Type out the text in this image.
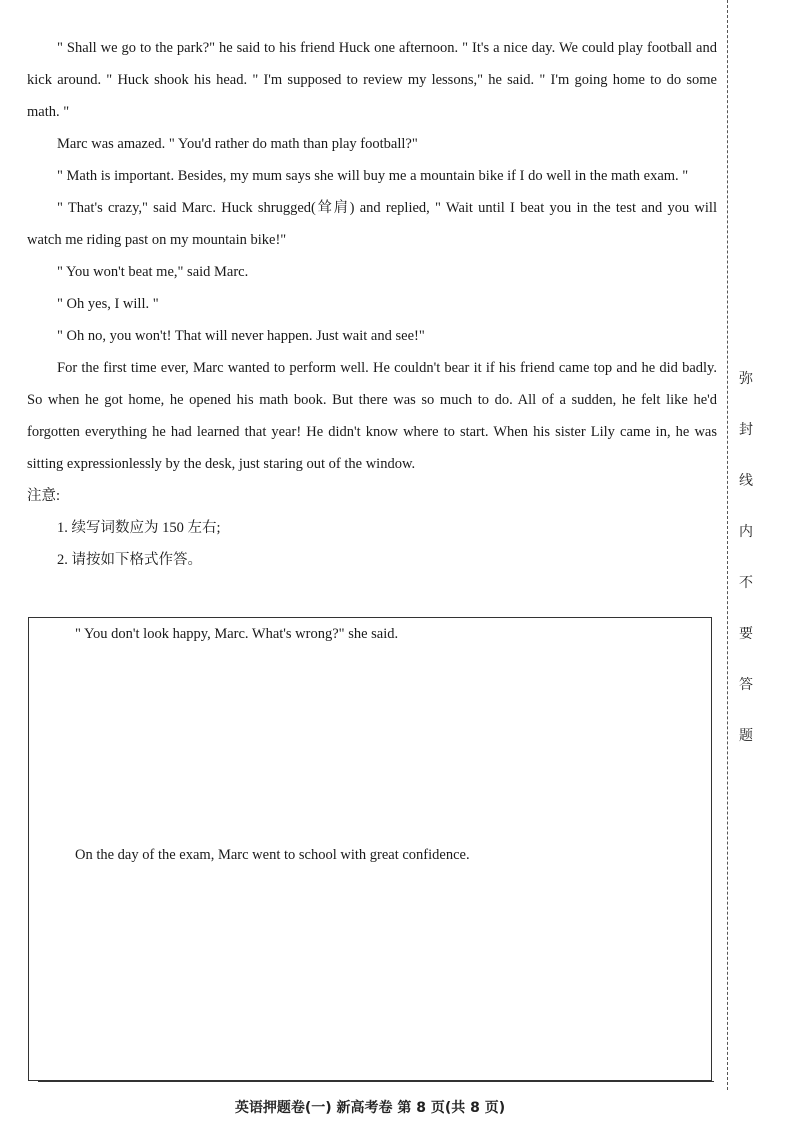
弥
封
线
内
不
要
答
题

" Shall we go to the park?" he said to his friend Huck one afternoon. " It's a nice day. We could play football and kick around. " Huck shook his head. " I'm supposed to review my lessons," he said. " I'm going home to do some math. "

Marc was amazed. " You'd rather do math than play football?"

" Math is important. Besides, my mum says she will buy me a mountain bike if I do well in the math exam. "

" That's crazy," said Marc. Huck shrugged(耸肩) and replied, " Wait until I beat you in the test and you will watch me riding past on my mountain bike!"

" You won't beat me," said Marc.

" Oh yes, I will. "

" Oh no, you won't! That will never happen. Just wait and see!"

For the first time ever, Marc wanted to perform well. He couldn't bear it if his friend came top and he did badly. So when he got home, he opened his math book. But there was so much to do. All of a sudden, he felt like he'd forgotten everything he had learned that year! He didn't know where to start. When his sister Lily came in, he was sitting expressionlessly by the desk, just staring out of the window.

注意:

1. 续写词数应为 150 左右;

2. 请按如下格式作答。

" You don't look happy, Marc. What's wrong?" she said.

On the day of the exam, Marc went to school with great confidence.

英语押题卷(一) 新高考卷 第 8 页(共 8 页)
